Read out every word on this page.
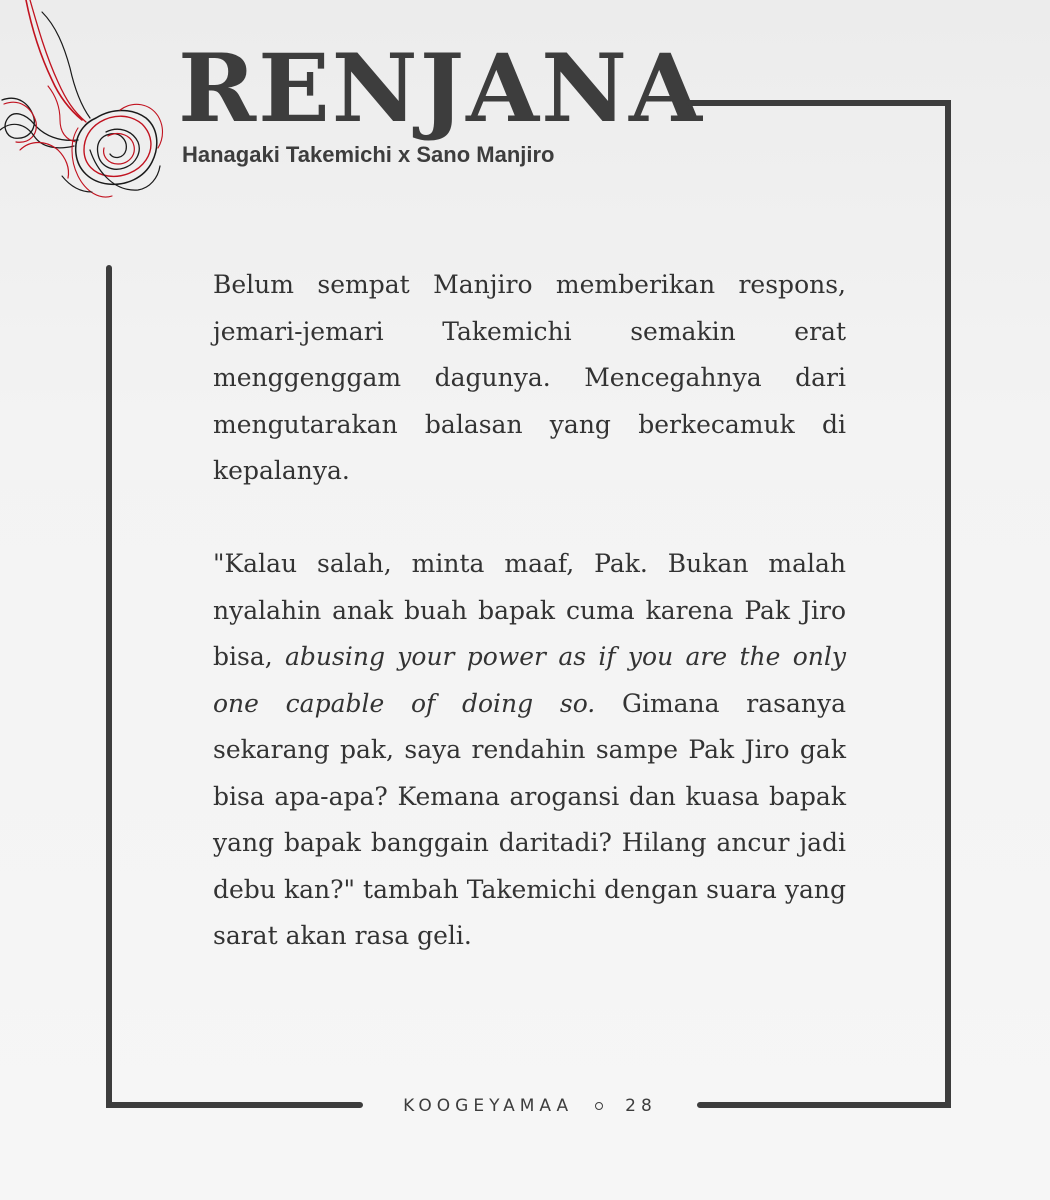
RENJANA

Hanagaki Takemichi x Sano Manjiro

Belum sempat Manjiro memberikan respons, jemari-jemari Takemichi semakin erat menggenggam dagunya. Mencegahnya dari mengutarakan balasan yang berkecamuk di kepalanya.

"Kalau salah, minta maaf, Pak. Bukan malah nyalahin anak buah bapak cuma karena Pak Jiro bisa, abusing your power as if you are the only one capable of doing so. Gimana rasanya sekarang pak, saya rendahin sampe Pak Jiro gak bisa apa-apa? Kemana arogansi dan kuasa bapak yang bapak banggain daritadi? Hilang ancur jadi debu kan?" tambah Takemichi dengan suara yang sarat akan rasa geli.

KOOGEYAMAA	28
